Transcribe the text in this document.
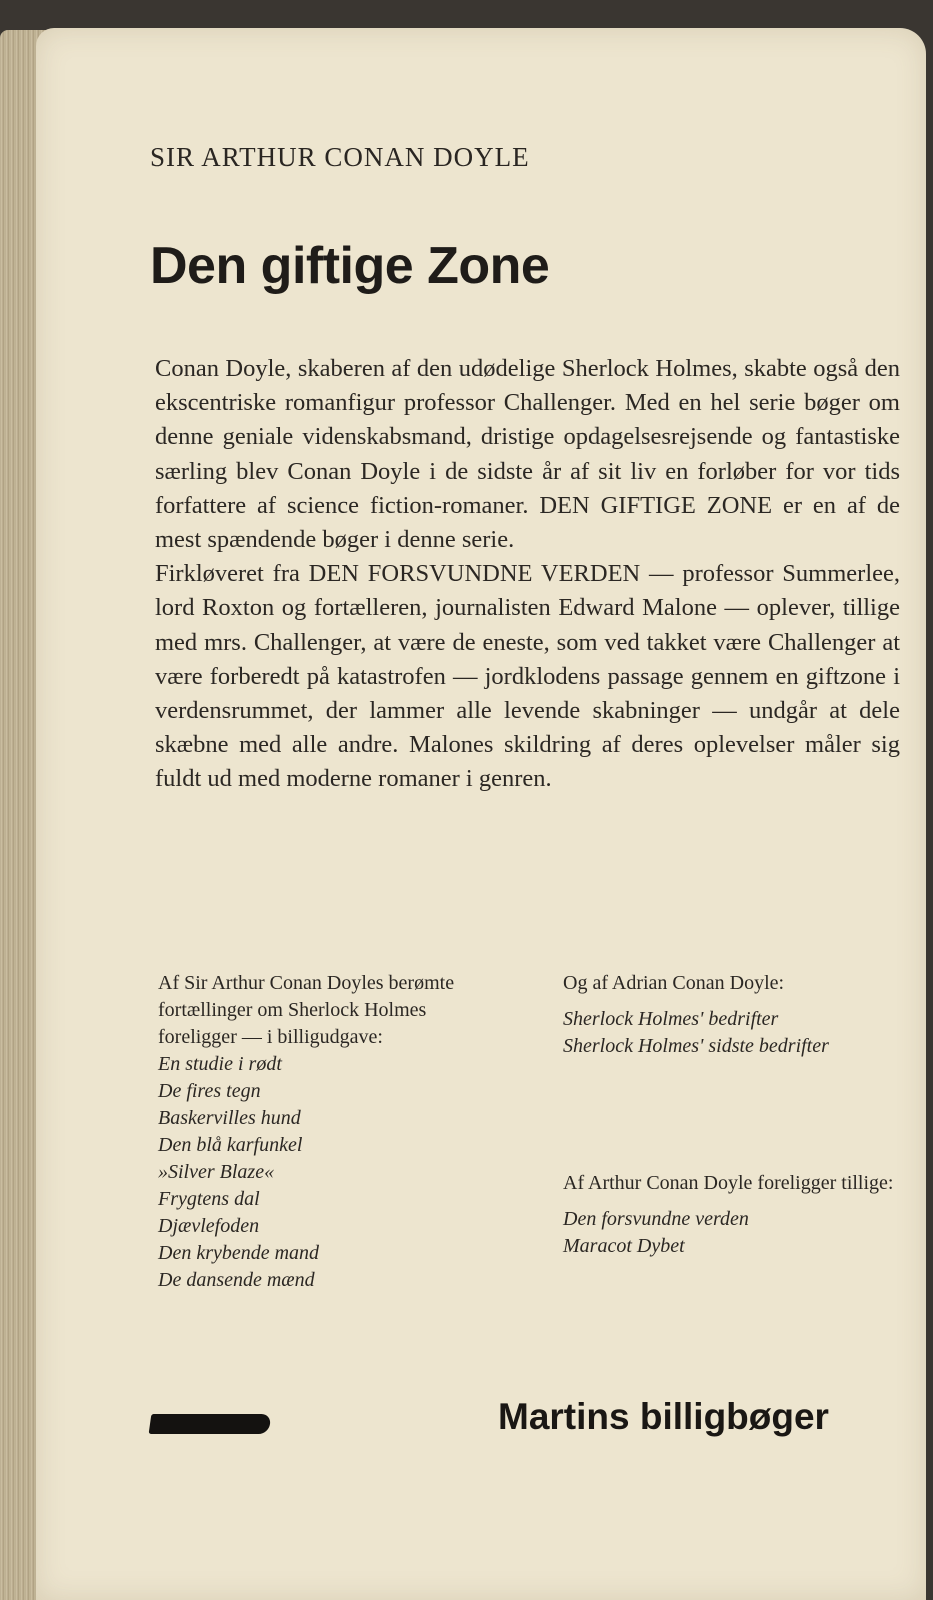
SIR ARTHUR CONAN DOYLE
Den giftige Zone

Conan Doyle, skaberen af den udødelige Sherlock Holmes, skabte også den ekscentriske romanfigur professor Challenger. Med en hel serie bøger om denne geniale videnskabsmand, dristige opdagelsesrejsende og fantastiske særling blev Conan Doyle i de sidste år af sit liv en forløber for vor tids forfattere af science fiction-romaner. DEN GIFTIGE ZONE er en af de mest spændende bøger i denne serie.

Firkløveret fra DEN FORSVUNDNE VERDEN — professor Summerlee, lord Roxton og fortælleren, journalisten Edward Malone — oplever, tillige med mrs. Challenger, at være de eneste, som ved takket være Challenger at være forberedt på katastrofen — jordklodens passage gennem en giftzone i verdensrummet, der lammer alle levende skabninger — undgår at dele skæbne med alle andre. Malones skildring af deres oplevelser måler sig fuldt ud med moderne romaner i genren.

Af Sir Arthur Conan Doyles berømte fortællinger om Sherlock Holmes foreligger — i billigudgave:

En studie i rødt
De fires tegn
Baskervilles hund
Den blå karfunkel
»Silver Blaze«
Frygtens dal
Djævlefoden
Den krybende mand
De dansende mænd

Og af Adrian Conan Doyle:

Sherlock Holmes' bedrifter
Sherlock Holmes' sidste bedrifter

Af Arthur Conan Doyle foreligger tillige:

Den forsvundne verden
Maracot Dybet
Martins billigbøger
